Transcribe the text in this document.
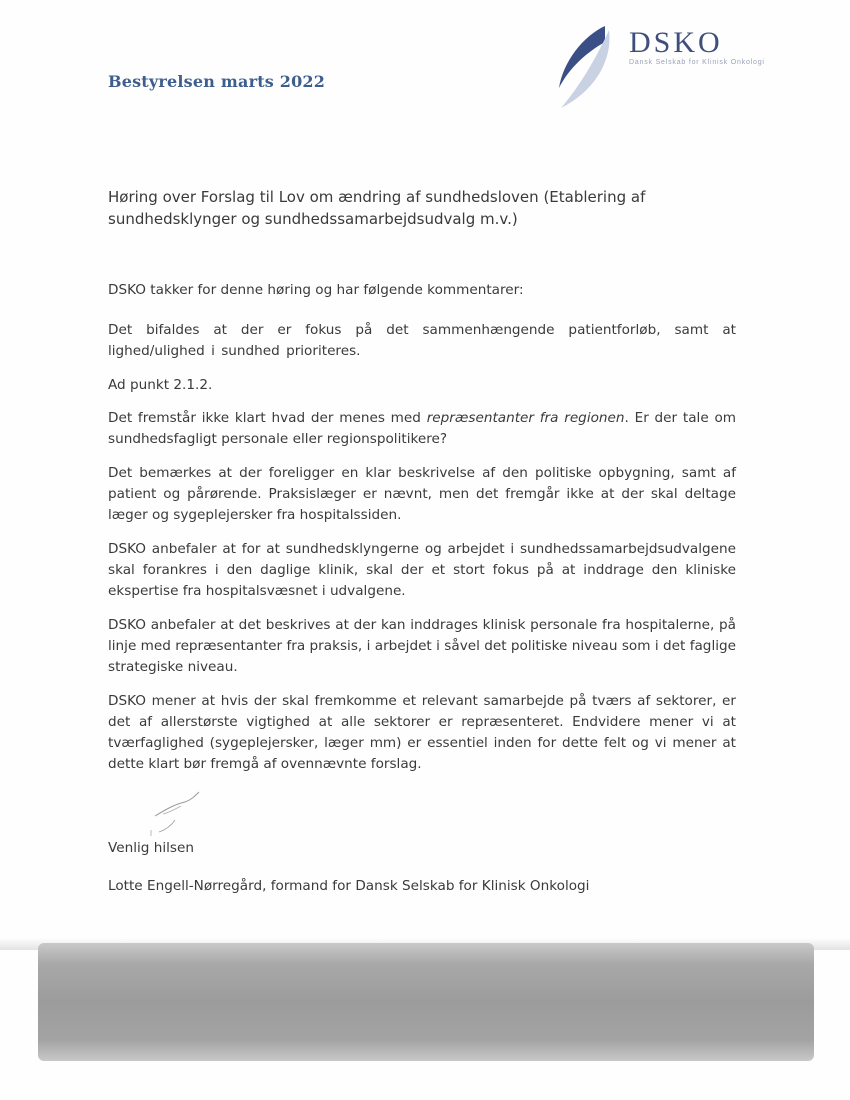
Bestyrelsen marts 2022
DSKO
Dansk Selskab for Klinisk Onkologi
Høring over Forslag til Lov om ændring af sundhedsloven (Etablering af sundhedsklynger og sundhedssamarbejdsudvalg m.v.)

DSKO takker for denne høring og har følgende kommentarer:

Det bifaldes at der er fokus på det sammenhængende patientforløb, samt at lighed/ulighed i sundhed prioriteres.

Ad punkt 2.1.2.

Det fremstår ikke klart hvad der menes med repræsentanter fra regionen. Er der tale om sundhedsfagligt personale eller regionspolitikere?

Det bemærkes at der foreligger en klar beskrivelse af den politiske opbygning, samt af patient og pårørende. Praksislæger er nævnt, men det fremgår ikke at der skal deltage læger og sygeplejersker fra hospitalssiden.

DSKO anbefaler at for at sundhedsklyngerne og arbejdet i sundhedssamarbejdsudvalgene skal forankres i den daglige klinik, skal der et stort fokus på at inddrage den kliniske ekspertise fra hospitalsvæsnet i udvalgene.

DSKO anbefaler at det beskrives at der kan inddrages klinisk personale fra hospitalerne, på linje med repræsentanter fra praksis, i arbejdet i såvel det politiske niveau som i det faglige strategiske niveau.

DSKO mener at hvis der skal fremkomme et relevant samarbejde på tværs af sektorer, er det af allerstørste vigtighed at alle sektorer er repræsenteret. Endvidere mener vi at tværfaglighed (sygeplejersker, læger mm) er essentiel inden for dette felt og vi mener at dette klart bør fremgå af ovennævnte forslag.

Venlig hilsen
Lotte Engell-Nørregård, formand for Dansk Selskab for Klinisk Onkologi
